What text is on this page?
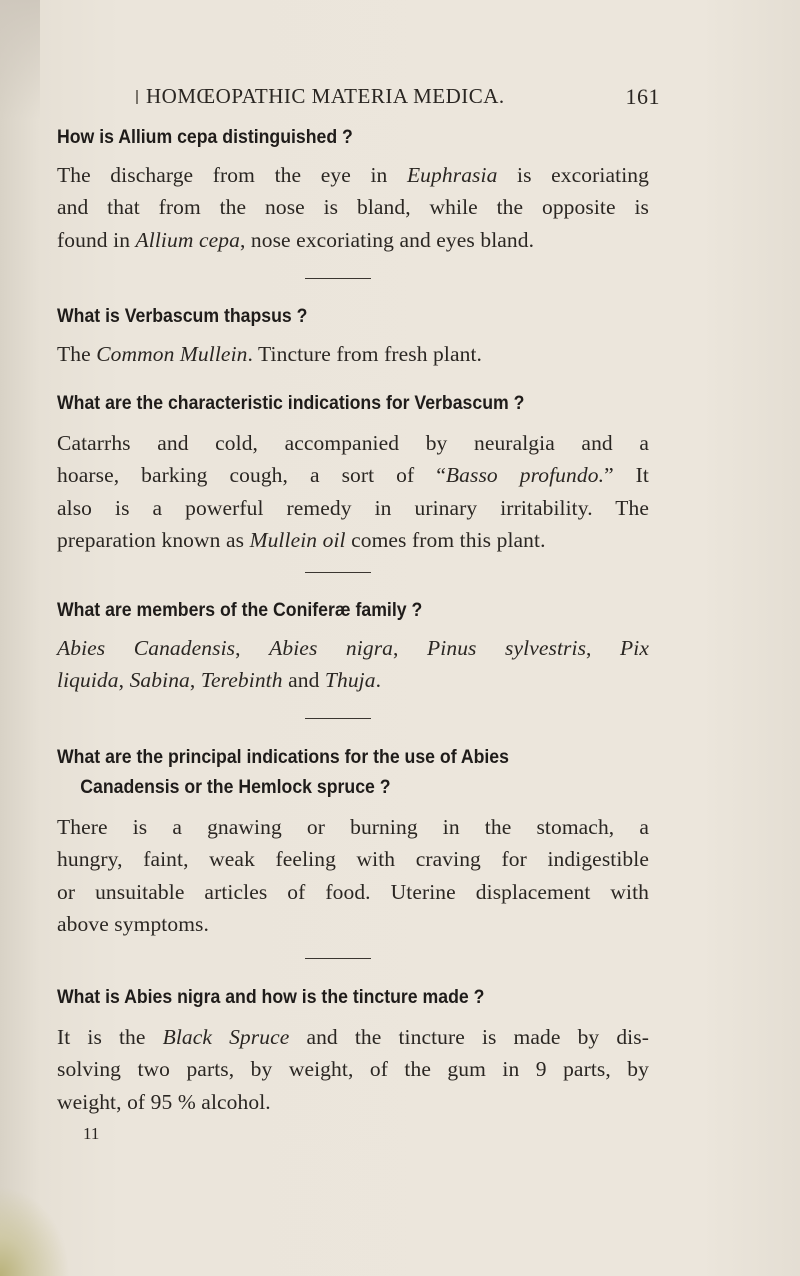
HOMŒOPATHIC MATERIA MEDICA.	161
How is Allium cepa distinguished ?
The discharge from the eye in Euphrasia is excoriating
and that from the nose is bland, while the opposite is
found in Allium cepa, nose excoriating and eyes bland.
What is Verbascum thapsus ?
The Common Mullein. Tincture from fresh plant.
What are the characteristic indications for Verbascum ?
Catarrhs and cold, accompanied by neuralgia and a
hoarse, barking cough, a sort of “Basso profundo.” It
also is a powerful remedy in urinary irritability. The
preparation known as Mullein oil comes from this plant.
What are members of the Coniferæ family ?
Abies Canadensis, Abies nigra, Pinus sylvestris, Pix
liquida, Sabina, Terebinth and Thuja.
What are the principal indications for the use of Abies
Canadensis or the Hemlock spruce ?
There is a gnawing or burning in the stomach, a
hungry, faint, weak feeling with craving for indigestible
or unsuitable articles of food. Uterine displacement with
above symptoms.
What is Abies nigra and how is the tincture made ?
It is the Black Spruce and the tincture is made by dis-
solving two parts, by weight, of the gum in 9 parts, by
weight, of 95 % alcohol.
11
